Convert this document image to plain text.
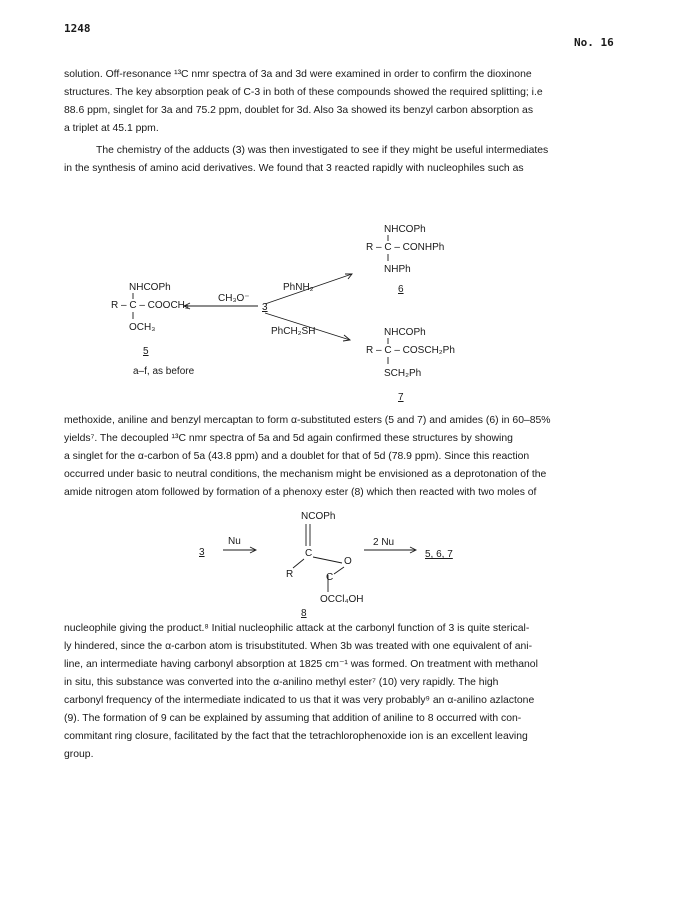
1248
No. 16

solution. Off-resonance ¹³C nmr spectra of 3a and 3d were examined in order to confirm the dioxinone
structures. The key absorption peak of C-3 in both of these compounds showed the required splitting; i.e
88.6 ppm, singlet for 3a and 75.2 ppm, doublet for 3d. Also 3a showed its benzyl carbon absorption as
a triplet at 45.1 ppm.

The chemistry of the adducts (3) was then investigated to see if they might be useful intermediates
in the synthesis of amino acid derivatives. We found that 3 reacted rapidly with nucleophiles such as

NHCOPh
R – C – COOCH₃
OCH₃
5
a–f, as before
CH₃O⁻
3
PhNH₂
PhCH₂SH
NHCOPh
R – C – CONHPh
NHPh
6
NHCOPh
R – C – COSCH₂Ph
SCH₂Ph
7

methoxide, aniline and benzyl mercaptan to form α-substituted esters (5 and 7) and amides (6) in 60–85%
yields⁷. The decoupled ¹³C nmr spectra of 5a and 5d again confirmed these structures by showing
a singlet for the α-carbon of 5a (43.8 ppm) and a doublet for that of 5d (78.9 ppm). Since this reaction
occurred under basic to neutral conditions, the mechanism might be envisioned as a deprotonation of the
amide nitrogen atom followed by formation of a phenoxy ester (8) which then reacted with two moles of

3
Nu
NCOPh
C
R
O
C
OCCl₄OH
8
2 Nu
5, 6, 7

nucleophile giving the product.⁸ Initial nucleophilic attack at the carbonyl function of 3 is quite sterical-
ly hindered, since the α-carbon atom is trisubstituted. When 3b was treated with one equivalent of ani-
line, an intermediate having carbonyl absorption at 1825 cm⁻¹ was formed. On treatment with methanol
in situ, this substance was converted into the α-anilino methyl ester⁷ (10) very rapidly. The high
carbonyl frequency of the intermediate indicated to us that it was very probably⁹ an α-anilino azlactone
(9). The formation of 9 can be explained by assuming that addition of aniline to 8 occurred with con-
commitant ring closure, facilitated by the fact that the tetrachlorophenoxide ion is an excellent leaving
group.
